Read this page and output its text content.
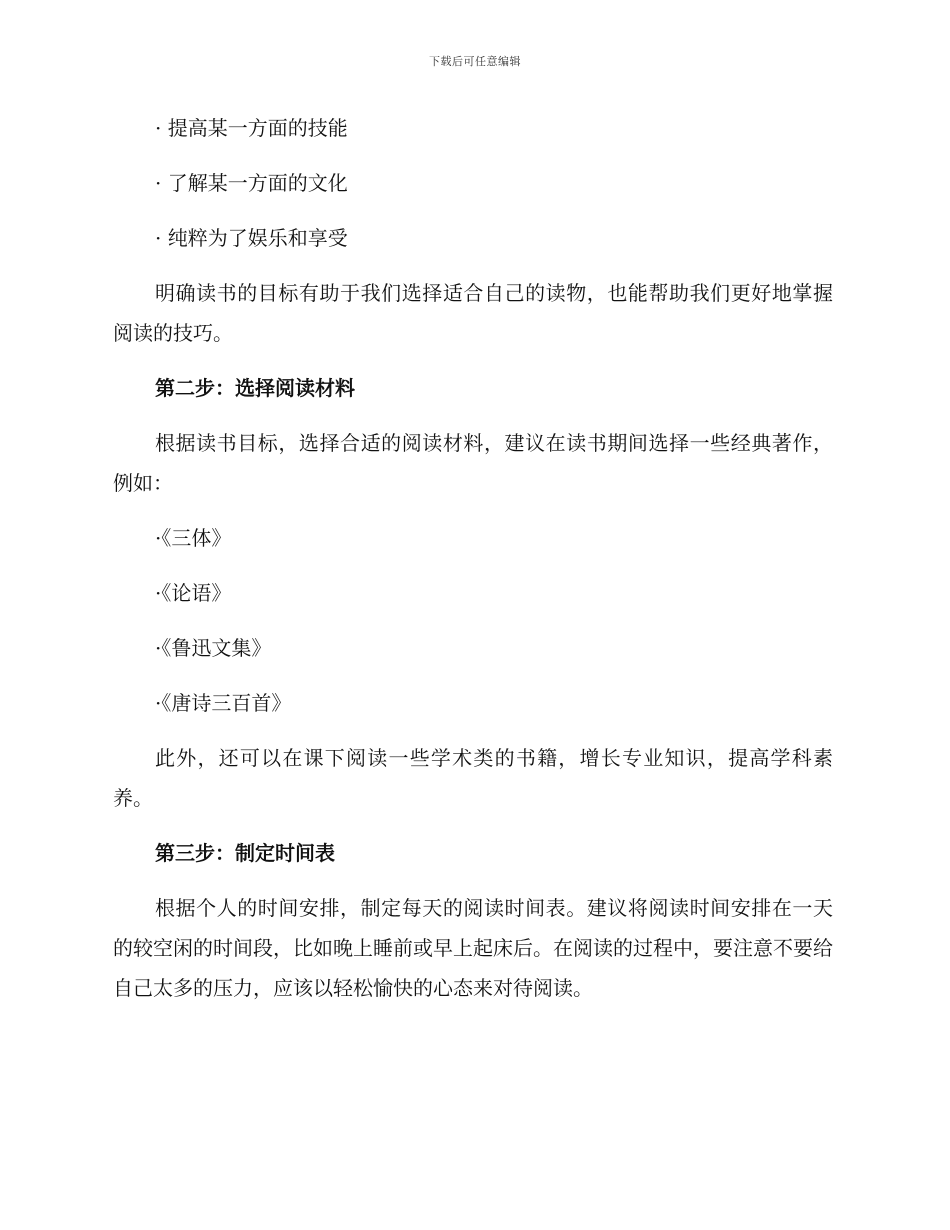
下载后可任意编辑
· 提高某一方面的技能
· 了解某一方面的文化
· 纯粹为了娱乐和享受
明确读书的目标有助于我们选择适合自己的读物，也能帮助我们更好地掌握阅读的技巧。
第二步：选择阅读材料
根据读书目标，选择合适的阅读材料，建议在读书期间选择一些经典著作，例如：
·《三体》
·《论语》
·《鲁迅文集》
·《唐诗三百首》
此外，还可以在课下阅读一些学术类的书籍，增长专业知识，提高学科素养。
第三步：制定时间表
根据个人的时间安排，制定每天的阅读时间表。建议将阅读时间安排在一天的较空闲的时间段，比如晚上睡前或早上起床后。在阅读的过程中，要注意不要给自己太多的压力，应该以轻松愉快的心态来对待阅读。
